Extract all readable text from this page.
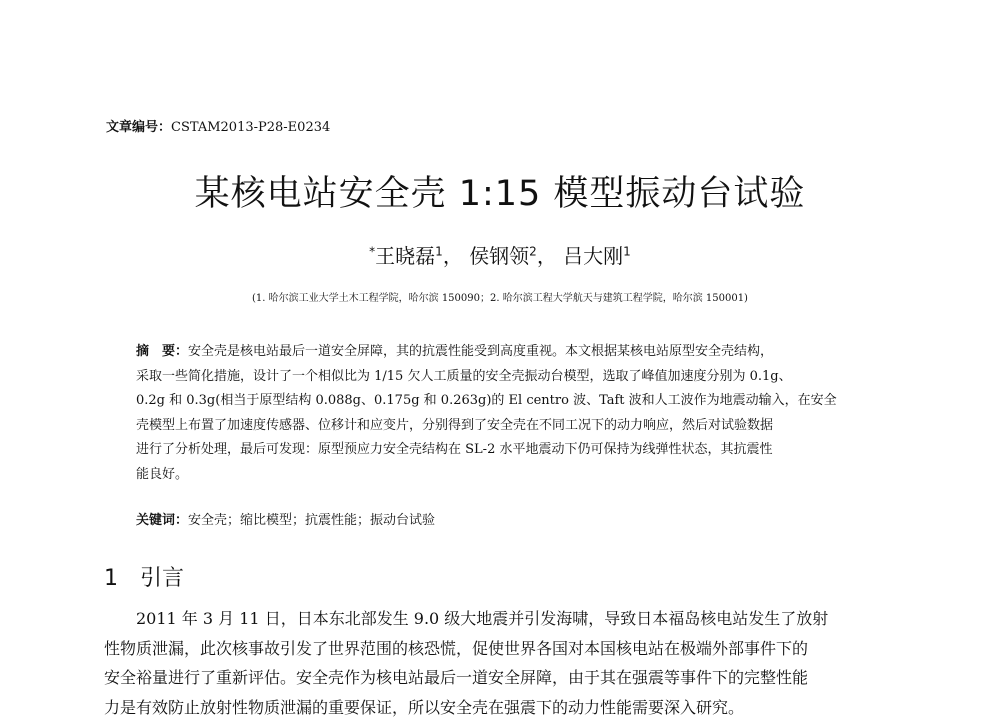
文章编号：CSTAM2013-P28-E0234
某核电站安全壳 1:15 模型振动台试验
*王晓磊$^1$， 侯钢领$^2$， 吕大刚$^1$
(1. 哈尔滨工业大学土木工程学院，哈尔滨 150090；2. 哈尔滨工程大学航天与建筑工程学院，哈尔滨 150001)
摘　要：安全壳是核电站最后一道安全屏障，其的抗震性能受到高度重视。本文根据某核电站原型安全壳结构，
采取一些简化措施，设计了一个相似比为 1/15 欠人工质量的安全壳振动台模型，选取了峰值加速度分别为 0.1g、
0.2g 和 0.3g(相当于原型结构 0.088g、0.175g 和 0.263g)的 El centro 波、Taft 波和人工波作为地震动输入，在安全
壳模型上布置了加速度传感器、位移计和应变片，分别得到了安全壳在不同工况下的动力响应，然后对试验数据
进行了分析处理，最后可发现：原型预应力安全壳结构在 SL-2 水平地震动下仍可保持为线弹性状态，其抗震性
能良好。
关键词：安全壳；缩比模型；抗震性能；振动台试验
1 引言
2011 年 3 月 11 日，日本东北部发生 9.0 级大地震并引发海啸，导致日本福岛核电站发生了放射
性物质泄漏，此次核事故引发了世界范围的核恐慌，促使世界各国对本国核电站在极端外部事件下的
安全裕量进行了重新评估。安全壳作为核电站最后一道安全屏障，由于其在强震等事件下的完整性能
力是有效防止放射性物质泄漏的重要保证，所以安全壳在强震下的动力性能需要深入研究。
